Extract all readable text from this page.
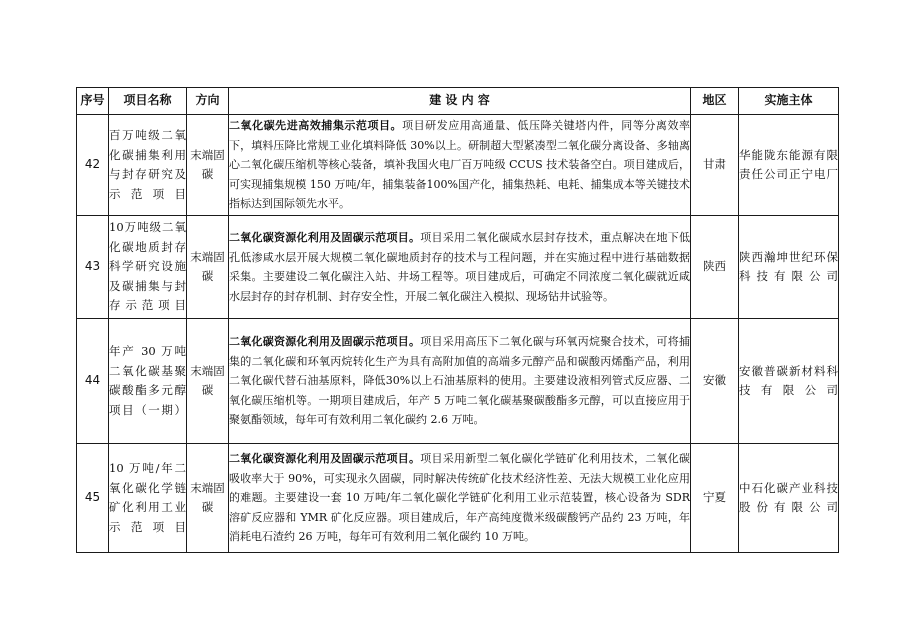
序号	项目名称	方向	建 设 内 容	地区	实施主体
42	百万吨级二氧化碳捕集利用与封存研究及示范项目	末端固碳	二氧化碳先进高效捕集示范项目。项目研发应用高通量、低压降关键塔内件，同等分离效率下，填料压降比常规工业化填料降低 30%以上。研制超大型紧凑型二氧化碳分离设备、多轴离心二氧化碳压缩机等核心装备，填补我国火电厂百万吨级 CCUS 技术装备空白。项目建成后，可实现捕集规模 150 万吨/年，捕集装备100%国产化，捕集热耗、电耗、捕集成本等关键技术指标达到国际领先水平。	甘肃	华能陇东能源有限责任公司正宁电厂
43	10万吨级二氧化碳地质封存科学研究设施及碳捕集与封存示范项目	末端固碳	二氧化碳资源化利用及固碳示范项目。项目采用二氧化碳咸水层封存技术，重点解决在地下低孔低渗咸水层开展大规模二氧化碳地质封存的技术与工程问题，并在实施过程中进行基础数据采集。主要建设二氧化碳注入站、井场工程等。项目建成后，可确定不同浓度二氧化碳就近咸水层封存的封存机制、封存安全性，开展二氧化碳注入模拟、现场钻井试验等。	陕西	陕西瀚坤世纪环保科技有限公司
44	年产 30 万吨二氧化碳基聚碳酸酯多元醇项目（一期）	末端固碳	二氧化碳资源化利用及固碳示范项目。项目采用高压下二氧化碳与环氧丙烷聚合技术，可将捕集的二氧化碳和环氧丙烷转化生产为具有高附加值的高端多元醇产品和碳酸丙烯酯产品，利用二氧化碳代替石油基原料，降低30%以上石油基原料的使用。主要建设液相列管式反应器、二氧化碳压缩机等。一期项目建成后，年产 5 万吨二氧化碳基聚碳酸酯多元醇，可以直接应用于聚氨酯领域，每年可有效利用二氧化碳约 2.6 万吨。	安徽	安徽普碳新材料科技有限公司
45	10 万吨/年二氧化碳化学链矿化利用工业示范项目	末端固碳	二氧化碳资源化利用及固碳示范项目。项目采用新型二氧化碳化学链矿化利用技术，二氧化碳吸收率大于 90%，可实现永久固碳，同时解决传统矿化技术经济性差、无法大规模工业化应用的难题。主要建设一套 10 万吨/年二氧化碳化学链矿化利用工业示范装置，核心设备为 SDR 溶矿反应器和 YMR 矿化反应器。项目建成后，年产高纯度微米级碳酸钙产品约 23 万吨，年消耗电石渣约 26 万吨，每年可有效利用二氧化碳约 10 万吨。	宁夏	中石化碳产业科技股份有限公司
